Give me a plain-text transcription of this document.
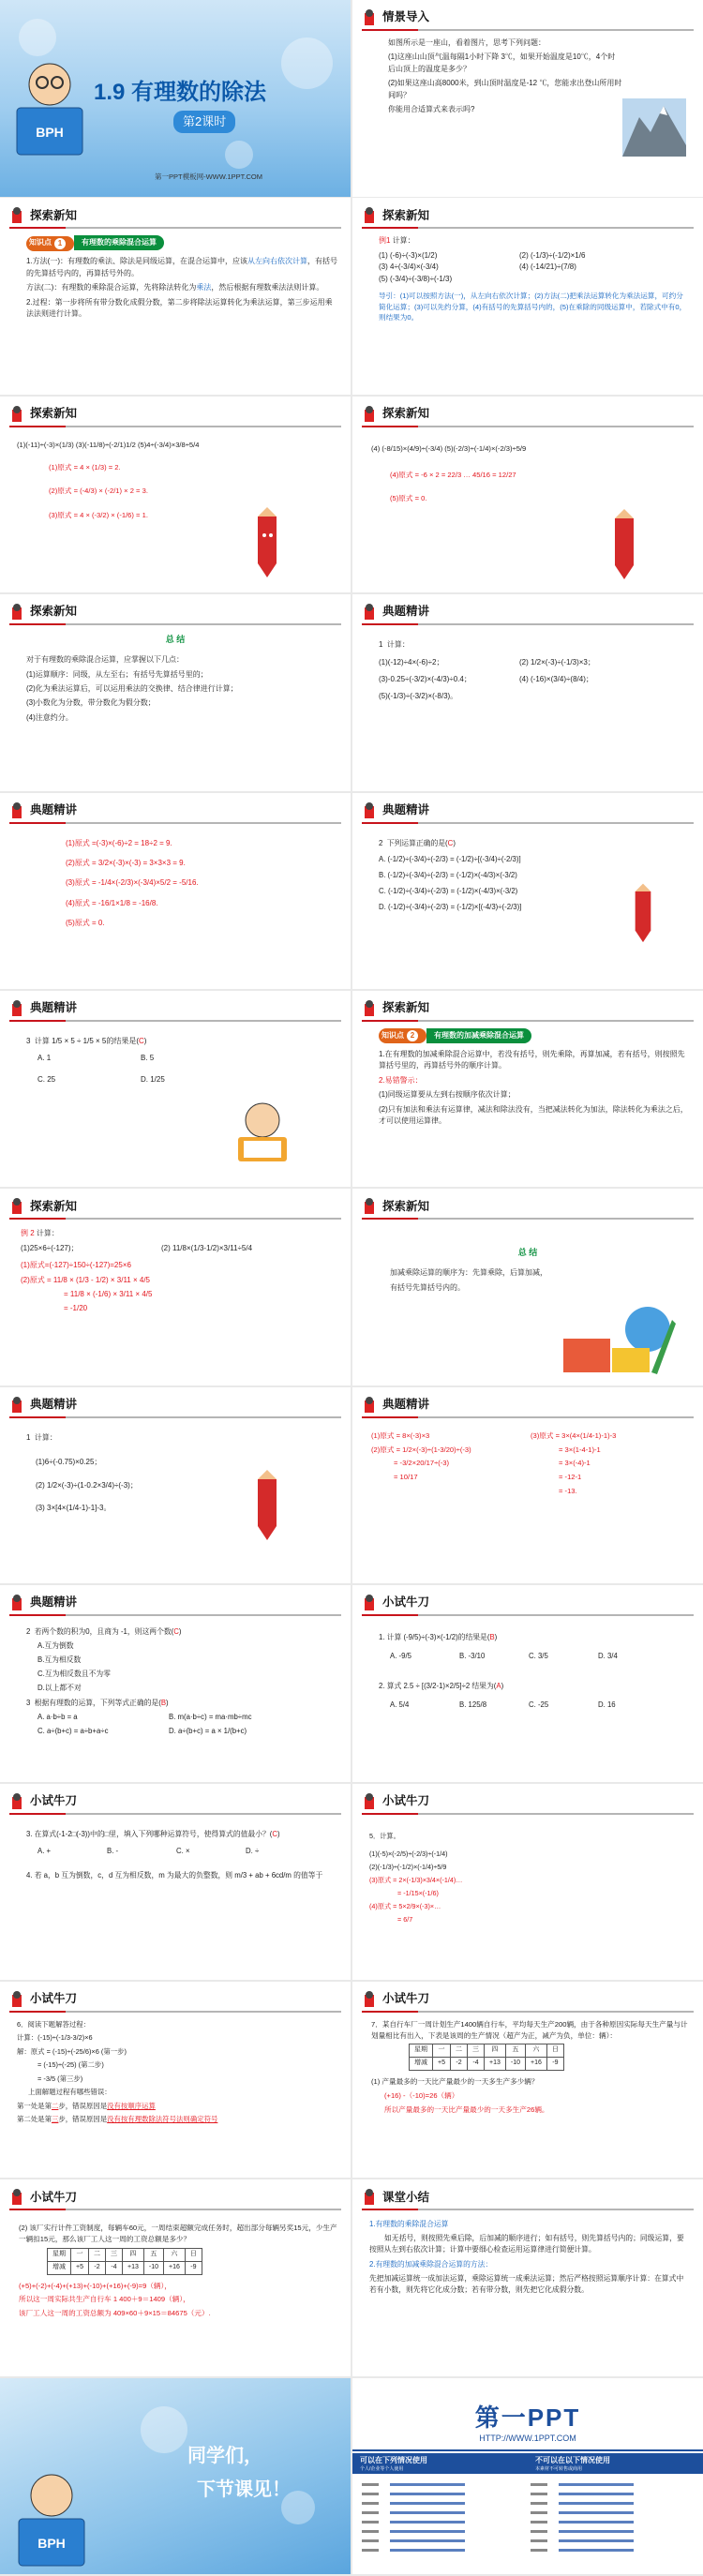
BPH
1.9 有理数的除法
第2课时
第一PPT模板网-WWW.1PPT.COM
情景导入
如图所示是一座山，看着图片，思考下列问题：
(1)这座山山顶气温每隔1小时下降 3℃，如果开始温度是10℃，4个时后山顶上的温度是多少？
(2)如果这座山高8000米，到山顶时温度是-12 ℃，您能求出登山所用时间吗？
你能用合适算式来表示吗?
探索新知
知识点 1	有理数的乘除混合运算
1.方法(一)：有理数的乘法、除法是同级运算，在混合运算中，应该从左向右依次计算，有括号的先算括号内的，再算括号外的。
方法(二)：有理数的乘除混合运算，先将除法转化为乘法，然后根据有理数乘法法则计算。
2.过程：第一步将所有带分数化成假分数，第二步将除法运算转化为乘法运算，第三步运用乘法法则进行计算。
探索新知
例1 计算：
(1) (-6)÷(-3)×(1/2)	(2) (-1/3)÷(-1/2)×1/6
(3) 4÷(-3/4)×(-3/4)	(4) (-14/21)÷(7/8)
(5) (-3/4)÷(-3/8)÷(-1/3)
导引：(1)可以按照方法(一)，从左向右依次计算；(2)方法(二)把乘法运算转化为乘法运算，可约分简化运算；(3)可以先约分算，(4)有括号的先算括号内的，(5)在乘除的同级运算中，若除式中有0，则结果为0。
探索新知
(1)(-11)÷(-3)×(1/3) (3)(-11/8)÷(-2/1)1/2 (5)4÷(-3/4)×3/8÷5/4
(1)原式 = 4 × (1/3) = 2.
(2)原式 = (-4/3) × (-2/1) × 2 = 3.
(3)原式 = 4 × (-3/2) × (-1/6) = 1.
探索新知
(4) (-8/15)×(4/9)÷(-3/4) (5)(-2/3)÷(-1/4)×(-2/3)÷5/9
(4)原式 = -6 × 2 = 22/3 … 45/16 = 12/27
(5)原式 = 0.
探索新知
总 结
对于有理数的乘除混合运算，应掌握以下几点：
(1)运算顺序：同级，从左至右；有括号先算括号里的；
(2)化为乘法运算后，可以运用乘法的交换律、结合律进行计算；
(3)小数化为分数，带分数化为假分数；
(4)注意约分。
典题精讲
1 计算：
(1)(-12)÷4×(-6)÷2；	(2) 1/2×(-3)÷(-1/3)×3；
(3)-0.25÷(-3/2)×(-4/3)÷0.4；	(4) (-16)×(3/4)÷(8/4)；
(5)(-1/3)÷(-3/2)×(-8/3)。
典题精讲
(1)原式 =(-3)×(-6)÷2 = 18÷2 = 9.
(2)原式 = 3/2×(-3)×(-3) = 3×3×3 = 9.
(3)原式 = -1/4×(-2/3)×(-3/4)×5/2 = -5/16.
(4)原式 = -16/1×1/8 = -16/8.
(5)原式 = 0.
典题精讲
2 下列运算正确的是(C)
A. (-1/2)÷(-3/4)÷(-2/3) = (-1/2)÷[(-3/4)÷(-2/3)]
B. (-1/2)÷(-3/4)÷(-2/3) = (-1/2)×(-4/3)×(-3/2)
C. (-1/2)÷(-3/4)÷(-2/3) = (-1/2)×(-4/3)×(-3/2)
D. (-1/2)÷(-3/4)÷(-2/3) = (-1/2)×[(-4/3)÷(-2/3)]
典题精讲
3 计算 1/5 × 5 ÷ 1/5 × 5的结果是(C)
A. 1	B. 5
C. 25	D. 1/25
探索新知
知识点 2	有理数的加减乘除混合运算
1.在有理数的加减乘除混合运算中，若没有括号，则先乘除，再算加减，若有括号，则按照先算括号里的，再算括号外的顺序计算。
2.易错警示：
(1)同级运算要从左到右按顺序依次计算；
(2)只有加法和乘法有运算律，减法和除法没有，当把减法转化为加法，除法转化为乘法之后，才可以使用运算律。
探索新知
例 2 计算：
(1)25×6÷(-127)；	(2) 11/8×(1/3-1/2)×3/11÷5/4
(1)原式=(-127)÷150÷(-127)=25×6
(2)原式 = 11/8 × (1/3 - 1/2) × 3/11 × 4/5
= 11/8 × (-1/6) × 3/11 × 4/5
= -1/20
探索新知
总 结
加减乘除运算的顺序为：先算乘除，后算加减，
有括号先算括号内的。
典题精讲
1 计算：
(1)6÷(-0.75)×0.25；
(2) 1/2×(-3)÷(1-0.2×3/4)÷(-3)；
(3) 3×[4×(1/4-1)-1]-3。
典题精讲
(1)原式 = 8×(-3)×3
(2)原式 = 1/2×(-3)÷(1-3/20)÷(-3)
= -3/2×20/17÷(-3)
= 10/17
(3)原式 = 3×(4×(1/4-1)-1)-3
= 3×(1-4-1)-1
= 3×(-4)-1
= -12-1
= -13.
典题精讲
2 若两个数的积为0，且商为 -1，则这两个数(C)
A.互为倒数
B.互为相反数
C.互为相反数且不为零
D.以上都不对
3 根据有理数的运算，下列等式正确的是(B)
A. a·b÷b = a	B. m(a·b÷c) = ma·mb÷mc
C. a÷(b+c) = a÷b+a÷c	D. a÷(b+c) = a × 1/(b+c)
小试牛刀
1. 计算 (-9/5)÷(-3)×(-1/2)的结果是(B)
A. -9/5	B. -3/10	C. 3/5	D. 3/4
2. 算式 2.5 ÷ [(3/2-1)×2/5]÷2 结果为(A)
A. 5/4	B. 125/8	C. -25	D. 16
小试牛刀
3. 在算式(-1-2□(-3))中的□里，填入下列哪种运算符号，使得算式的值最小？(C)
A. +	B. -	C. ×	D. ÷
4. 若 a，b 互为倒数，c，d 互为相反数，m 为最大的负整数，则 m/3 + ab + 6cd/m 的值等于
小试牛刀
5．计算。
(1)(-5)×(-2/5)÷(-2/3)÷(-1/4)
(2)(-1/3)÷(-1/2)×(-1/4)÷5/9
(3)原式 = 2×(-1/3)×3/4×(-1/4)…
= -1/15×(-1/6)
(4)原式 = 5×2/9×(-3)×…
= 6/7
小试牛刀
6．阅读下题解答过程：
计算：(-15)÷(-1/3-3/2)×6
解：原式 = (-15)÷(-25/6)×6 (第一步)
= (-15)÷(-25) (第二步)
= -3/5 (第三步)
上面解题过程有哪些错误：
第一处是第二步，错误原因是没有按顺序运算
第二处是第三步，错误原因是没有按有理数除法符号法则确定符号
小试牛刀
7．某自行车厂一周计划生产1400辆自行车，平均每天生产200辆，由于各种原因实际每天生产量与计划量相比有出入，下表是该周的生产情况（超产为正，减产为负，单位：辆）：
星期	一	二	三	四	五	六	日
增减	+5	-2	-4	+13	-10	+16	-9
(1) 产量最多的一天比产量最少的一天多生产多少辆？
(+16) -（-10)=26（辆）
所以产量最多的一天比产量最少的一天多生产26辆。
小试牛刀
(2) 该厂实行计件工资制度，每辆车60元，一周结束超额完成任务时，超出部分每辆另奖15元，少生产一辆扣15元，那么该厂工人这一周的工资总额是多少？
星期	一	二	三	四	五	六	日
增减	+5	-2	-4	+13	-10	+16	-9
(+5)+(-2)+(-4)+(+13)+(-10)+(+16)+(-9)=9（辆），
所以这一周实际共生产自行车 1 400＋9＝1409（辆），
该厂工人这一周的工资总额为 409×60＋9×15＝84675（元）.
课堂小结
1.有理数的乘除混合运算
如无括号，则按照先乘后除，后加减的顺序进行；如有括号，则先算括号内的；同级运算，要按照从左到右依次计算；计算中要细心检查运用运算律进行简便计算。
2.有理数的加减乘除混合运算的方法：
先把加减运算统一成加法运算，乘除运算统一成乘法运算；然后严格按照运算顺序计算：在算式中若有小数，则先将它化成分数；若有带分数，则先把它化成假分数。
BPH
同学们，
下节课见！
第一PPT
HTTP://WWW.1PPT.COM
可以在下列情况使用
个人/企业等个人使用
不可以在以下情况使用
本素材不可转售或商用
